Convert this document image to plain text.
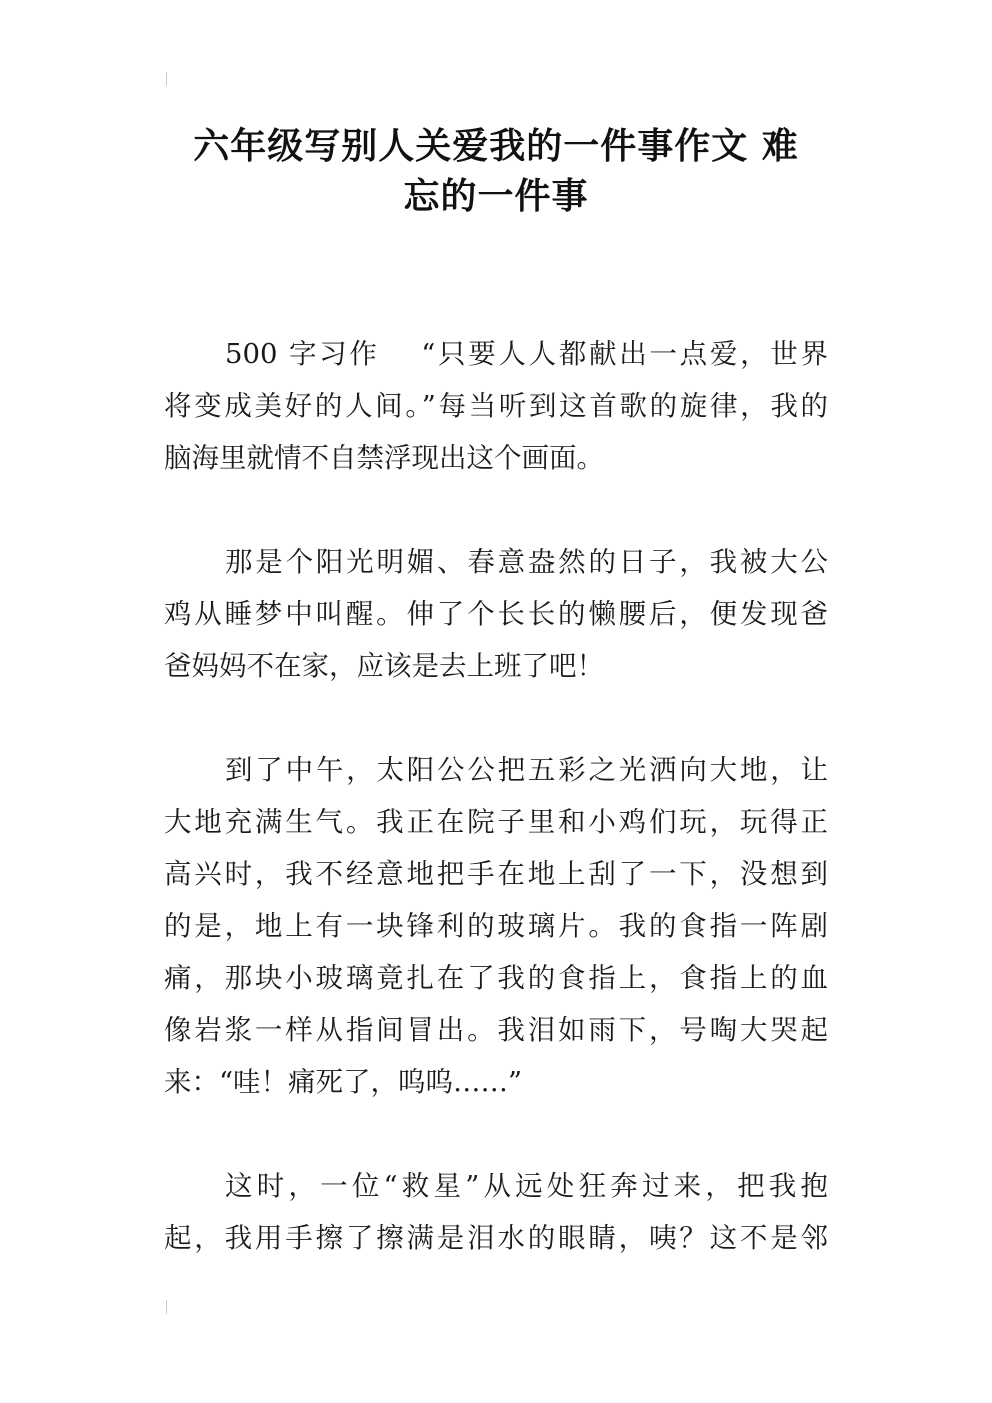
六年级写别人关爱我的一件事作文 难
忘的一件事
500 字习作　 “只要人人都献出一点爱，世界
将变成美好的人间。”每当听到这首歌的旋律，我的
脑海里就情不自禁浮现出这个画面。
那是个阳光明媚、春意盎然的日子，我被大公
鸡从睡梦中叫醒。伸了个长长的懒腰后，便发现爸
爸妈妈不在家，应该是去上班了吧！
到了中午，太阳公公把五彩之光洒向大地，让
大地充满生气。我正在院子里和小鸡们玩，玩得正
高兴时，我不经意地把手在地上刮了一下，没想到
的是，地上有一块锋利的玻璃片。我的食指一阵剧
痛，那块小玻璃竟扎在了我的食指上，食指上的血
像岩浆一样从指间冒出。我泪如雨下，号啕大哭起
来：“哇！痛死了，呜呜……”
这时，一位“救星”从远处狂奔过来，把我抱
起，我用手擦了擦满是泪水的眼睛，咦？这不是邻
